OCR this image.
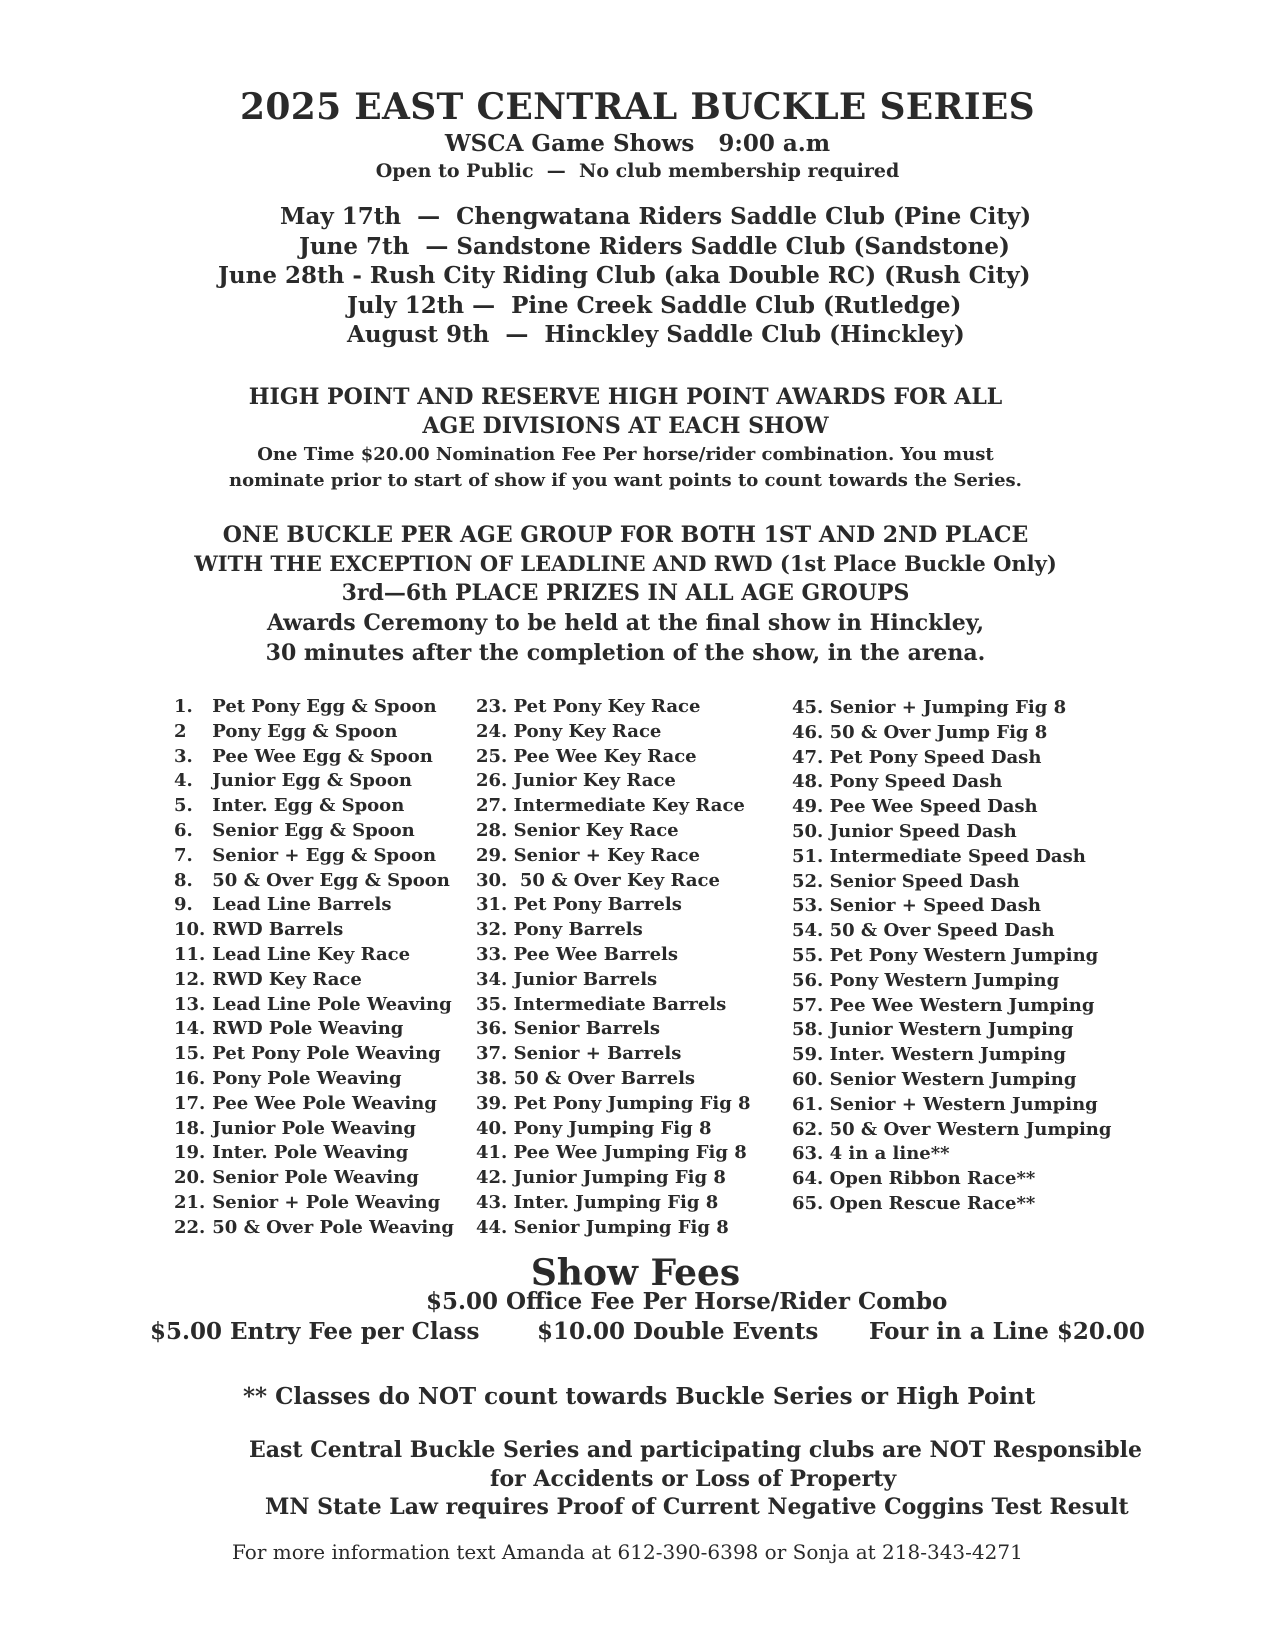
2025 EAST CENTRAL BUCKLE SERIES
WSCA Game Shows   9:00 a.m
Open to Public  —  No club membership required
May 17th  —  Chengwatana Riders Saddle Club (Pine City)
June 7th  — Sandstone Riders Saddle Club (Sandstone)
June 28th - Rush City Riding Club (aka Double RC) (Rush City)
July 12th —  Pine Creek Saddle Club (Rutledge)
August 9th  —  Hinckley Saddle Club (Hinckley)
HIGH POINT AND RESERVE HIGH POINT AWARDS FOR ALL
AGE DIVISIONS AT EACH SHOW
One Time $20.00 Nomination Fee Per horse/rider combination. You must
nominate prior to start of show if you want points to count towards the Series.
ONE BUCKLE PER AGE GROUP FOR BOTH 1ST AND 2ND PLACE
WITH THE EXCEPTION OF LEADLINE AND RWD (1st Place Buckle Only)
3rd—6th PLACE PRIZES IN ALL AGE GROUPS
Awards Ceremony to be held at the final show in Hinckley,
30 minutes after the completion of the show, in the arena.
1. Pet Pony Egg & Spoon
2 Pony Egg & Spoon
3. Pee Wee Egg & Spoon
4. Junior Egg & Spoon
5. Inter. Egg & Spoon
6. Senior Egg & Spoon
7. Senior + Egg & Spoon
8. 50 & Over Egg & Spoon
9. Lead Line Barrels
10. RWD Barrels
11. Lead Line Key Race
12. RWD Key Race
13. Lead Line Pole Weaving
14. RWD Pole Weaving
15. Pet Pony Pole Weaving
16. Pony Pole Weaving
17. Pee Wee Pole Weaving
18. Junior Pole Weaving
19. Inter. Pole Weaving
20. Senior Pole Weaving
21. Senior + Pole Weaving
22. 50 & Over Pole Weaving
23. Pet Pony Key Race
24. Pony Key Race
25. Pee Wee Key Race
26. Junior Key Race
27. Intermediate Key Race
28. Senior Key Race
29. Senior + Key Race
30.  50 & Over Key Race
31. Pet Pony Barrels
32. Pony Barrels
33. Pee Wee Barrels
34. Junior Barrels
35. Intermediate Barrels
36. Senior Barrels
37. Senior + Barrels
38. 50 & Over Barrels
39. Pet Pony Jumping Fig 8
40. Pony Jumping Fig 8
41. Pee Wee Jumping Fig 8
42. Junior Jumping Fig 8
43. Inter. Jumping Fig 8
44. Senior Jumping Fig 8
45. Senior + Jumping Fig 8
46. 50 & Over Jump Fig 8
47. Pet Pony Speed Dash
48. Pony Speed Dash
49. Pee Wee Speed Dash
50. Junior Speed Dash
51. Intermediate Speed Dash
52. Senior Speed Dash
53. Senior + Speed Dash
54. 50 & Over Speed Dash
55. Pet Pony Western Jumping
56. Pony Western Jumping
57. Pee Wee Western Jumping
58. Junior Western Jumping
59. Inter. Western Jumping
60. Senior Western Jumping
61. Senior + Western Jumping
62. 50 & Over Western Jumping
63. 4 in a line**
64. Open Ribbon Race**
65. Open Rescue Race**
Show Fees
$5.00 Office Fee Per Horse/Rider Combo
$5.00 Entry Fee per Class	$10.00 Double Events Four in a Line $20.00
** Classes do NOT count towards Buckle Series or High Point
East Central Buckle Series and participating clubs are NOT Responsible
for Accidents or Loss of Property
MN State Law requires Proof of Current Negative Coggins Test Result
For more information text Amanda at 612-390-6398 or Sonja at 218-343-4271
